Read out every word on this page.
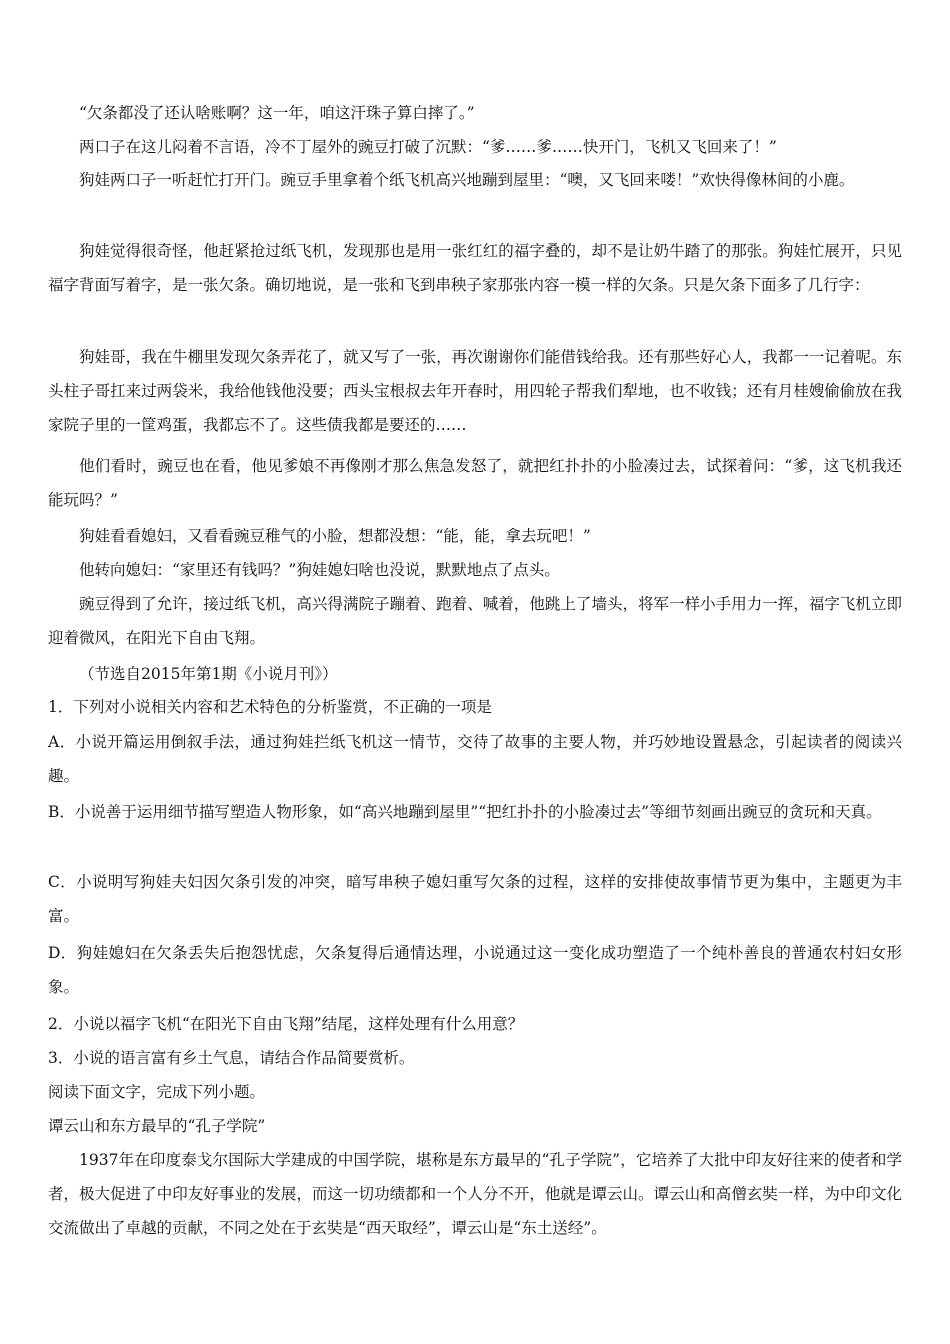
“欠条都没了还认啥账啊？这一年，咱这汗珠子算白摔了。”
两口子在这儿闷着不言语，冷不丁屋外的豌豆打破了沉默：“爹……爹……快开门，飞机又飞回来了！”
狗娃两口子一听赶忙打开门。豌豆手里拿着个纸飞机高兴地蹦到屋里：“噢，又飞回来喽！”欢快得像林间的小鹿。
狗娃觉得很奇怪，他赶紧抢过纸飞机，发现那也是用一张红红的福字叠的，却不是让奶牛踏了的那张。狗娃忙展开，只见福字背面写着字，是一张欠条。确切地说，是一张和飞到串秧子家那张内容一模一样的欠条。只是欠条下面多了几行字：
狗娃哥，我在牛棚里发现欠条弄花了，就又写了一张，再次谢谢你们能借钱给我。还有那些好心人，我都一一记着呢。东头柱子哥扛来过两袋米，我给他钱他没要；西头宝根叔去年开春时，用四轮子帮我们犁地，也不收钱；还有月桂嫂偷偷放在我家院子里的一筐鸡蛋，我都忘不了。这些债我都是要还的……
他们看时，豌豆也在看，他见爹娘不再像刚才那么焦急发怒了，就把红扑扑的小脸凑过去，试探着问：“爹，这飞机我还能玩吗？”
狗娃看看媳妇，又看看豌豆稚气的小脸，想都没想：“能，能，拿去玩吧！”
他转向媳妇：“家里还有钱吗？”狗娃媳妇啥也没说，默默地点了点头。
豌豆得到了允许，接过纸飞机，高兴得满院子蹦着、跑着、喊着，他跳上了墙头，将军一样小手用力一挥，福字飞机立即迎着微风，在阳光下自由飞翔。
（节选自2015年第1期《小说月刊》）
1．下列对小说相关内容和艺术特色的分析鉴赏，不正确的一项是
A．小说开篇运用倒叙手法，通过狗娃拦纸飞机这一情节，交待了故事的主要人物，并巧妙地设置悬念，引起读者的阅读兴趣。
B．小说善于运用细节描写塑造人物形象，如“高兴地蹦到屋里”“把红扑扑的小脸凑过去”等细节刻画出豌豆的贪玩和天真。
C．小说明写狗娃夫妇因欠条引发的冲突，暗写串秧子媳妇重写欠条的过程，这样的安排使故事情节更为集中，主题更为丰富。
D．狗娃媳妇在欠条丢失后抱怨忧虑，欠条复得后通情达理，小说通过这一变化成功塑造了一个纯朴善良的普通农村妇女形象。
2．小说以福字飞机“在阳光下自由飞翔”结尾，这样处理有什么用意？
3．小说的语言富有乡土气息，请结合作品简要赏析。
阅读下面文字，完成下列小题。
谭云山和东方最早的“孔子学院”
1937年在印度泰戈尔国际大学建成的中国学院，堪称是东方最早的“孔子学院”，它培养了大批中印友好往来的使者和学者，极大促进了中印友好事业的发展，而这一切功绩都和一个人分不开，他就是谭云山。谭云山和高僧玄奘一样，为中印文化交流做出了卓越的贡献，不同之处在于玄奘是“西天取经”，谭云山是“东土送经”。
